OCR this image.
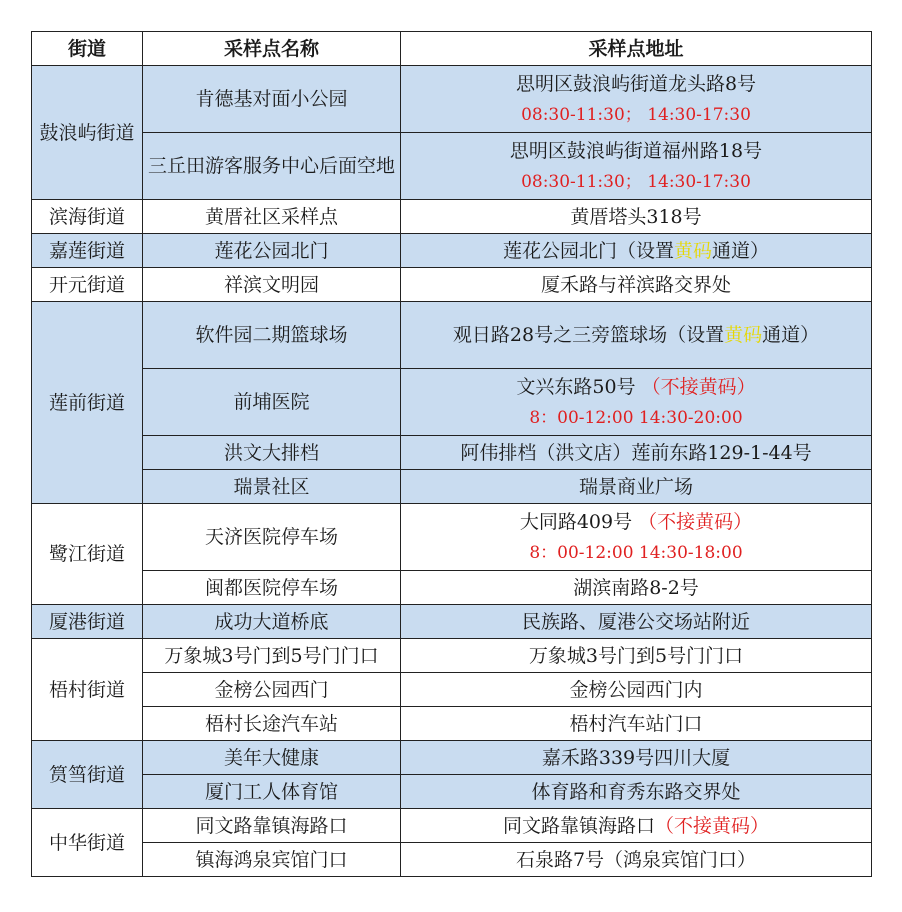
街道	采样点名称	采样点地址
鼓浪屿街道	肯德基对面小公园	思明区鼓浪屿街道龙头路8号
08:30-11:30； 14:30-17:30

	三丘田游客服务中心后面空地	思明区鼓浪屿街道福州路18号
08:30-11:30； 14:30-17:30

滨海街道	黄厝社区采样点	黄厝塔头318号
嘉莲街道	莲花公园北门	莲花公园北门（设置黄码通道）
开元街道	祥滨文明园	厦禾路与祥滨路交界处
莲前街道	软件园二期篮球场	观日路28号之三旁篮球场（设置黄码通道）
	前埔医院	文兴东路50号 （不接黄码）
8：00-12:00 14:30-20:00

	洪文大排档	阿伟排档（洪文店）莲前东路129-1-44号
	瑞景社区	瑞景商业广场
鹭江街道	天济医院停车场	大同路409号 （不接黄码）
8：00-12:00 14:30-18:00

	闽都医院停车场	湖滨南路8-2号
厦港街道	成功大道桥底	民族路、厦港公交场站附近
梧村街道	万象城3号门到5号门门口	万象城3号门到5号门门口
	金榜公园西门	金榜公园西门内
	梧村长途汽车站	梧村汽车站门口
筼筜街道	美年大健康	嘉禾路339号四川大厦
	厦门工人体育馆	体育路和育秀东路交界处
中华街道	同文路靠镇海路口	同文路靠镇海路口（不接黄码）
	镇海鸿泉宾馆门口	石泉路7号（鸿泉宾馆门口）
